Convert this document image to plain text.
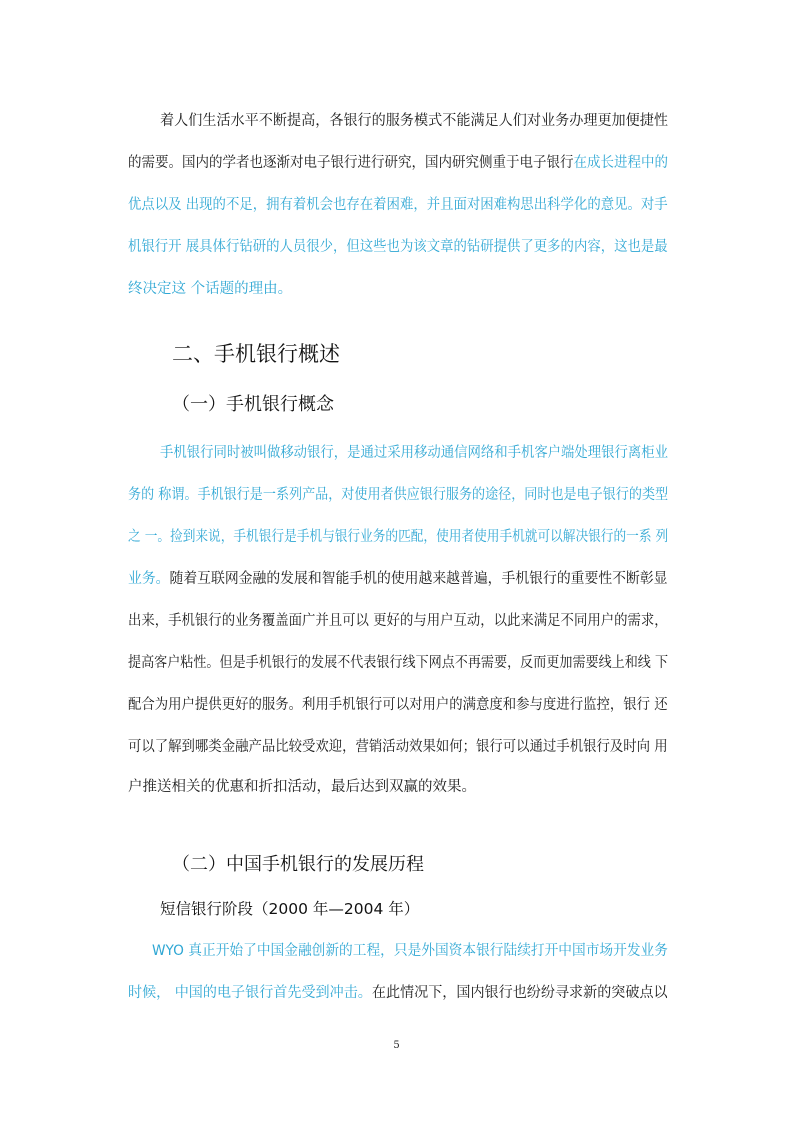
着人们生活水平不断提高，各银行的服务模式不能满足人们对业务办理更加便捷性
的需要。国内的学者也逐渐对电子银行进行研究，国内研究侧重于电子银行在成长进程中的
优点以及 出现的不足，拥有着机会也存在着困难，并且面对困难构思出科学化的意见。对手
机银行开 展具体行钻研的人员很少，但这些也为该文章的钻研提供了更多的内容，这也是最
终决定这 个话题的理由。
二、手机银行概述
（一）手机银行概念
手机银行同时被叫做移动银行，是通过采用移动通信网络和手机客户端处理银行离柜业
务的 称谓。手机银行是一系列产品，对使用者供应银行服务的途径，同时也是电子银行的类型
之 一。捡到来说，手机银行是手机与银行业务的匹配，使用者使用手机就可以解决银行的一系 列
业务。随着互联网金融的发展和智能手机的使用越来越普遍，手机银行的重要性不断彰显
出来，手机银行的业务覆盖面广并且可以 更好的与用户互动，以此来满足不同用户的需求，
提高客户粘性。但是手机银行的发展不代表银行线下网点不再需要，反而更加需要线上和线 下
配合为用户提供更好的服务。利用手机银行可以对用户的满意度和参与度进行监控，银行 还
可以了解到哪类金融产品比较受欢迎，营销活动效果如何；银行可以通过手机银行及时向 用
户推送相关的优惠和折扣活动，最后达到双赢的效果。
（二）中国手机银行的发展历程
短信银行阶段（2000 年—2004 年）
WYO 真正开始了中国金融创新的工程，只是外国资本银行陆续打开中国市场开发业务
时候， 中国的电子银行首先受到冲击。在此情况下，国内银行也纷纷寻求新的突破点以
5
